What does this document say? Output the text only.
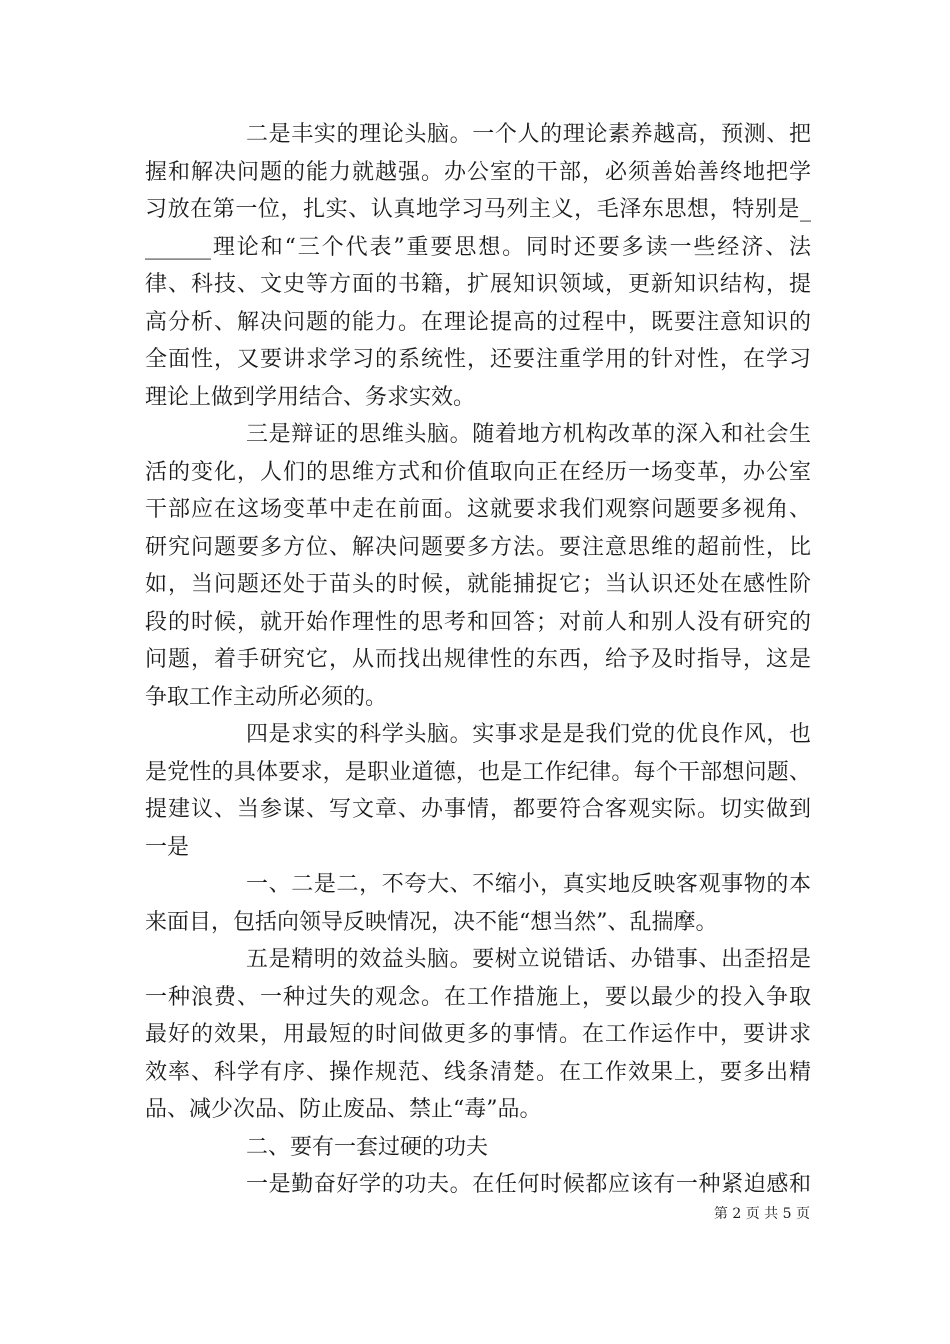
二是丰实的理论头脑。一个人的理论素养越高，预测、把
握和解决问题的能力就越强。办公室的干部，必须善始善终地把学
习放在第一位，扎实、认真地学习马列主义，毛泽东思想，特别是_
______理论和“三个代表”重要思想。同时还要多读一些经济、法
律、科技、文史等方面的书籍，扩展知识领域，更新知识结构，提
高分析、解决问题的能力。在理论提高的过程中，既要注意知识的
全面性，又要讲求学习的系统性，还要注重学用的针对性，在学习
理论上做到学用结合、务求实效。
三是辩证的思维头脑。随着地方机构改革的深入和社会生
活的变化，人们的思维方式和价值取向正在经历一场变革，办公室
干部应在这场变革中走在前面。这就要求我们观察问题要多视角、
研究问题要多方位、解决问题要多方法。要注意思维的超前性，比
如，当问题还处于苗头的时候，就能捕捉它；当认识还处在感性阶
段的时候，就开始作理性的思考和回答；对前人和别人没有研究的
问题，着手研究它，从而找出规律性的东西，给予及时指导，这是
争取工作主动所必须的。
四是求实的科学头脑。实事求是是我们党的优良作风，也
是党性的具体要求，是职业道德，也是工作纪律。每个干部想问题、
提建议、当参谋、写文章、办事情，都要符合客观实际。切实做到
一是
一、二是二，不夸大、不缩小，真实地反映客观事物的本
来面目，包括向领导反映情况，决不能“想当然”、乱揣摩。
五是精明的效益头脑。要树立说错话、办错事、出歪招是
一种浪费、一种过失的观念。在工作措施上，要以最少的投入争取
最好的效果，用最短的时间做更多的事情。在工作运作中，要讲求
效率、科学有序、操作规范、线条清楚。在工作效果上，要多出精
品、减少次品、防止废品、禁止“毒”品。
二、要有一套过硬的功夫
一是勤奋好学的功夫。在任何时候都应该有一种紧迫感和
第 2 页 共 5 页
